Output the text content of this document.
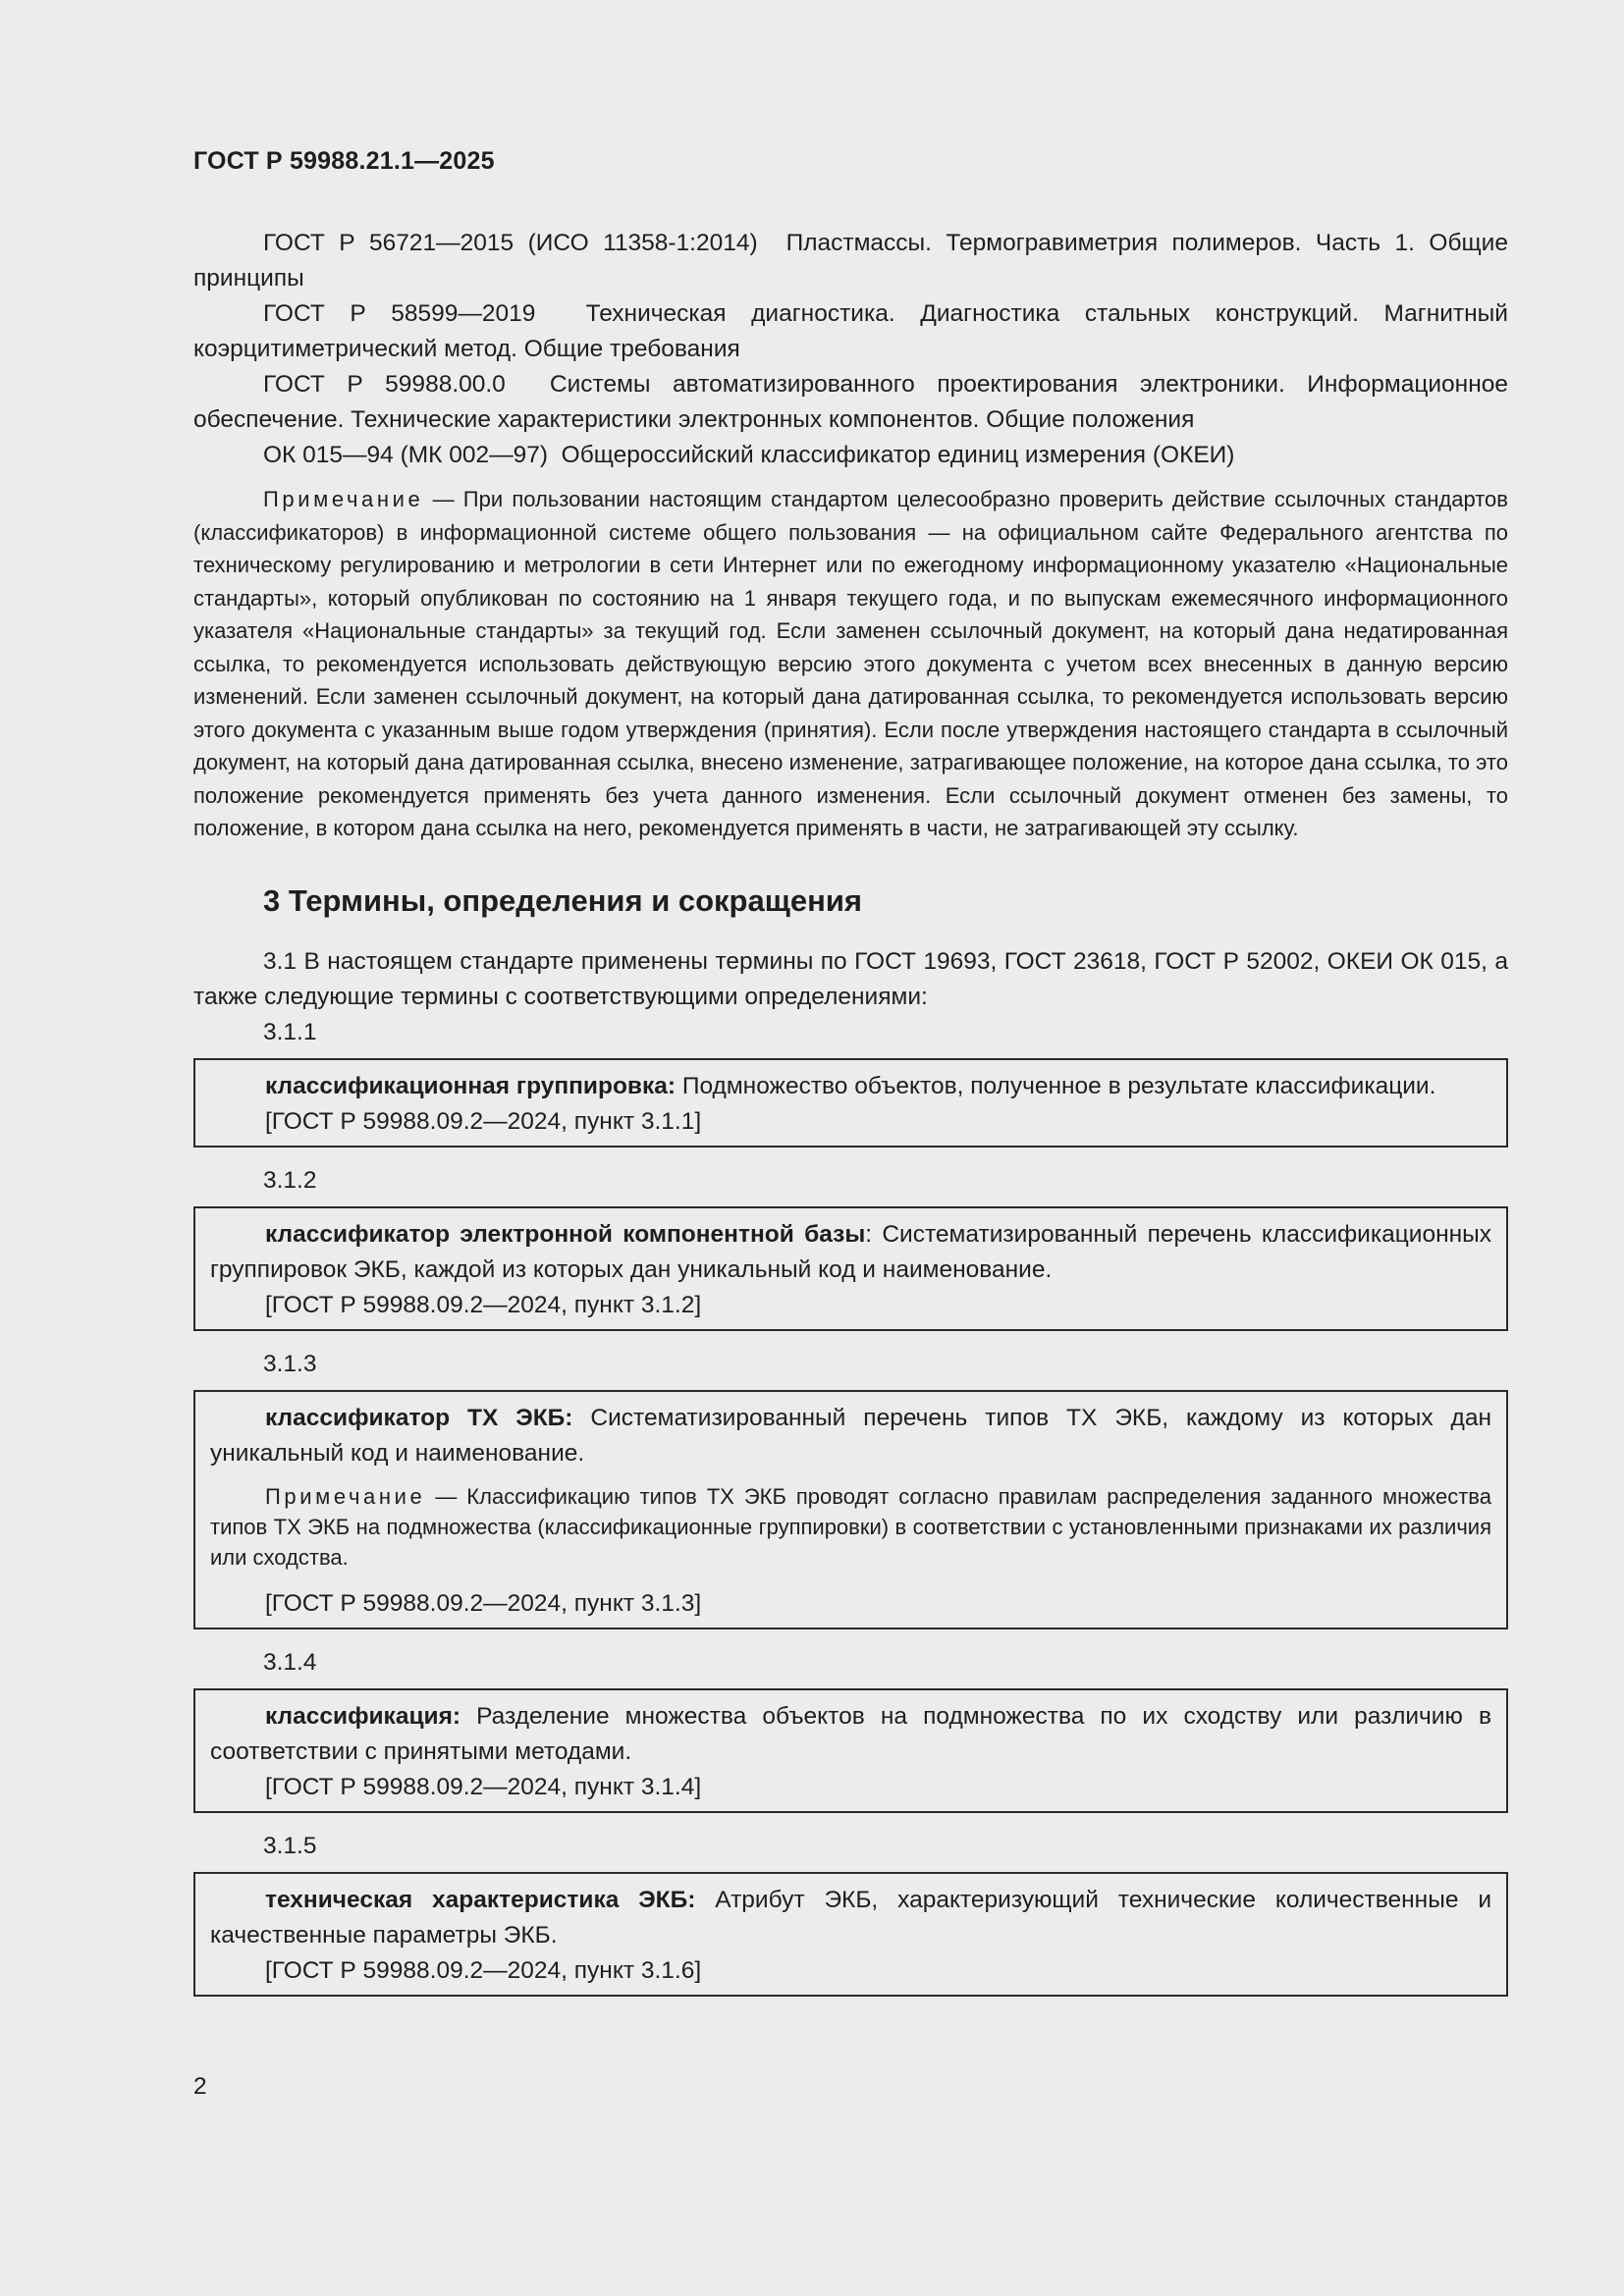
ГОСТ Р 59988.21.1—2025

ГОСТ Р 56721—2015 (ИСО 11358-1:2014) Пластмассы. Термогравиметрия полимеров. Часть 1. Общие принципы

ГОСТ Р 58599—2019 Техническая диагностика. Диагностика стальных конструкций. Магнитный коэрцитиметрический метод. Общие требования

ГОСТ Р 59988.00.0 Системы автоматизированного проектирования электроники. Информационное обеспечение. Технические характеристики электронных компонентов. Общие положения

ОК 015—94 (МК 002—97) Общероссийский классификатор единиц измерения (ОКЕИ)

Примечание — При пользовании настоящим стандартом целесообразно проверить действие ссылочных стандартов (классификаторов) в информационной системе общего пользования — на официальном сайте Федерального агентства по техническому регулированию и метрологии в сети Интернет или по ежегодному информационному указателю «Национальные стандарты», который опубликован по состоянию на 1 января текущего года, и по выпускам ежемесячного информационного указателя «Национальные стандарты» за текущий год. Если заменен ссылочный документ, на который дана недатированная ссылка, то рекомендуется использовать действующую версию этого документа с учетом всех внесенных в данную версию изменений. Если заменен ссылочный документ, на который дана датированная ссылка, то рекомендуется использовать версию этого документа с указанным выше годом утверждения (принятия). Если после утверждения настоящего стандарта в ссылочный документ, на который дана датированная ссылка, внесено изменение, затрагивающее положение, на которое дана ссылка, то это положение рекомендуется применять без учета данного изменения. Если ссылочный документ отменен без замены, то положение, в котором дана ссылка на него, рекомендуется применять в части, не затрагивающей эту ссылку.

3 Термины, определения и сокращения

3.1 В настоящем стандарте применены термины по ГОСТ 19693, ГОСТ 23618, ГОСТ Р 52002, ОКЕИ ОК 015, а также следующие термины с соответствующими определениями:

3.1.1

классификационная группировка: Подмножество объектов, полученное в результате классификации.

[ГОСТ Р 59988.09.2—2024, пункт 3.1.1]
3.1.2

классификатор электронной компонентной базы: Систематизированный перечень классификационных группировок ЭКБ, каждой из которых дан уникальный код и наименование.

[ГОСТ Р 59988.09.2—2024, пункт 3.1.2]
3.1.3

классификатор ТХ ЭКБ: Систематизированный перечень типов ТХ ЭКБ, каждому из которых дан уникальный код и наименование.

Примечание — Классификацию типов ТХ ЭКБ проводят согласно правилам распределения заданного множества типов ТХ ЭКБ на подмножества (классификационные группировки) в соответствии с установленными признаками их различия или сходства.

[ГОСТ Р 59988.09.2—2024, пункт 3.1.3]
3.1.4

классификация: Разделение множества объектов на подмножества по их сходству или различию в соответствии с принятыми методами.

[ГОСТ Р 59988.09.2—2024, пункт 3.1.4]
3.1.5

техническая характеристика ЭКБ: Атрибут ЭКБ, характеризующий технические количественные и качественные параметры ЭКБ.

[ГОСТ Р 59988.09.2—2024, пункт 3.1.6]
2
